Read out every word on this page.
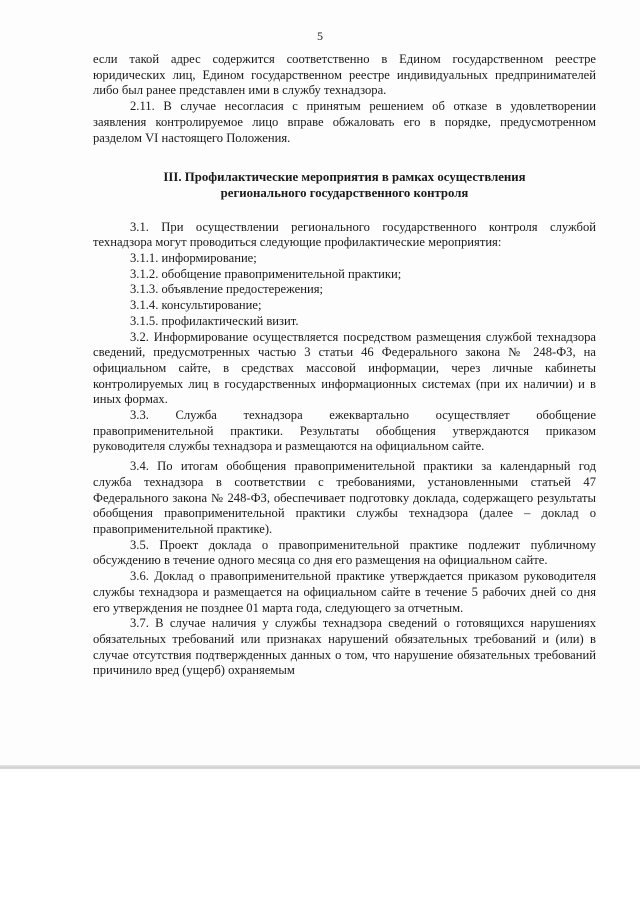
5

если такой адрес содержится соответственно в Едином государственном реестре юридических лиц, Едином государственном реестре индивидуальных предпринимателей либо был ранее представлен ими в службу технадзора.

2.11. В случае несогласия с принятым решением об отказе в удовлетворении заявления контролируемое лицо вправе обжаловать его в порядке, предусмотренном разделом VI настоящего Положения.

III. Профилактические мероприятия в рамках осуществления
регионального государственного контроля

3.1. При осуществлении регионального государственного контроля службой технадзора могут проводиться следующие профилактические мероприятия:

3.1.1. информирование;

3.1.2. обобщение правоприменительной практики;

3.1.3. объявление предостережения;

3.1.4. консультирование;

3.1.5. профилактический визит.

3.2. Информирование осуществляется посредством размещения службой технадзора сведений, предусмотренных частью 3 статьи 46 Федерального закона № 248-ФЗ, на официальном сайте, в средствах массовой информации, через личные кабинеты контролируемых лиц в государственных информационных системах (при их наличии) и в иных формах.

3.3. Служба технадзора ежеквартально осуществляет обобщение правоприменительной практики. Результаты обобщения утверждаются приказом руководителя службы технадзора и размещаются на официальном сайте.

3.4. По итогам обобщения правоприменительной практики за календарный год служба технадзора в соответствии с требованиями, установленными статьей 47 Федерального закона № 248-ФЗ, обеспечивает подготовку доклада, содержащего результаты обобщения правоприменительной практики службы технадзора (далее – доклад о правоприменительной практике).

3.5. Проект доклада о правоприменительной практике подлежит публичному обсуждению в течение одного месяца со дня его размещения на официальном сайте.

3.6. Доклад о правоприменительной практике утверждается приказом руководителя службы технадзора и размещается на официальном сайте в течение 5 рабочих дней со дня его утверждения не позднее 01 марта года, следующего за отчетным.

3.7. В случае наличия у службы технадзора сведений о готовящихся нарушениях обязательных требований или признаках нарушений обязательных требований и (или) в случае отсутствия подтвержденных данных о том, что нарушение обязательных требований причинило вред (ущерб) охраняемым
